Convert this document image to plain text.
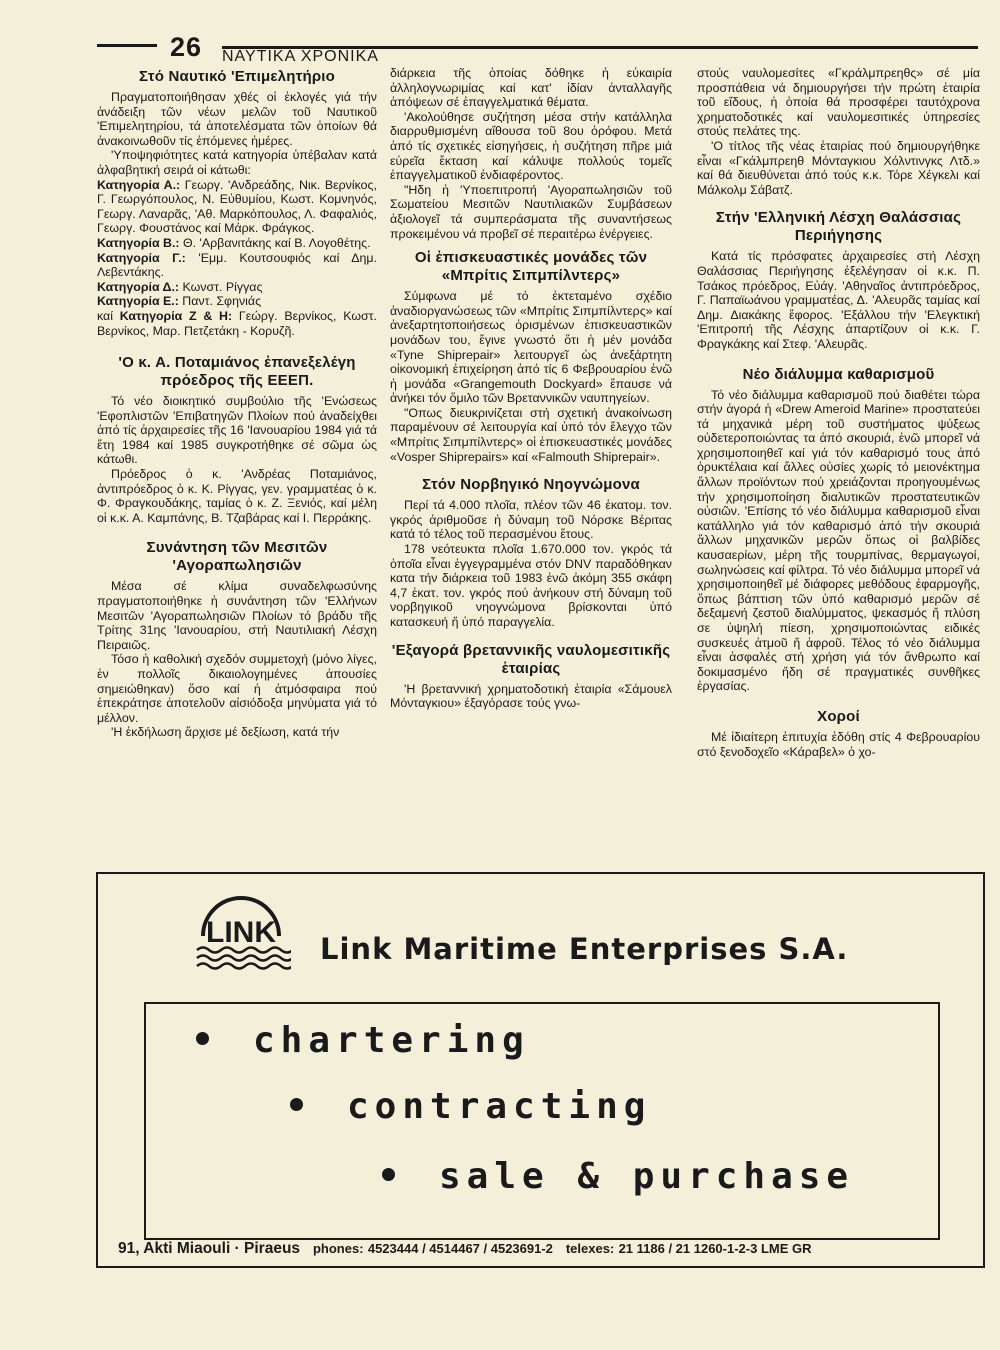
26 ΝΑΥΤΙΚΑ ΧΡΟΝΙΚΑ
Στό Ναυτικό 'Επιμελητήριο

Πραγματοποιήθησαν χθές οἱ ἐκλογές γιά τήν ἀνάδειξη τῶν νέων μελῶν τοῦ Ναυτικοῦ 'Επιμελητηρίου, τά ἀποτελέσματα τῶν ὁποίων θά ἀνακοινωθοῦν τίς ἑπόμενες ἡμέρες.

'Υποψηφιότητες κατά κατηγορία ὑπέβαλαν κατά ἀλφαβητική σειρά οἱ κάτωθι:

Κατηγορία Α.: Γεωργ. 'Ανδρεάδης, Νικ. Βερνίκος, Γ. Γεωργόπουλος, Ν. Εὐθυμίου, Κωστ. Κομνηνός, Γεωργ. Λαναρᾶς, 'Αθ. Μαρκόπουλος, Λ. Φαφαλιός, Γεωργ. Φουστάνος καί Μάρκ. Φράγκος.

Κατηγορία Β.: Θ. 'Αρβανιτάκης καί Β. Λογοθέτης.

Κατηγορία Γ.: 'Εμμ. Κουτσουφιός καί Δημ. Λεβεντάκης.

Κατηγορία Δ.: Κωνστ. Ρίγγας

Κατηγορία Ε.: Παντ. Σφηνιάς

καί Κατηγορία Ζ & Η: Γεώργ. Βερνίκος, Κωστ. Βερνίκος, Μαρ. Πετζετάκη - Κορυζῆ.

'Ο κ. Α. Ποταμιάνος ἐπανεξελέγη πρόεδρος τῆς ΕΕΕΠ.

Τό νέο διοικητικό συμβούλιο τῆς 'Ενώσεως 'Εφοπλιστῶν 'Επιβατηγῶν Πλοίων πού ἀναδείχθει ἀπό τίς ἀρχαιρεσίες τῆς 16 'Ιανουαρίου 1984 γιά τά ἔτη 1984 καί 1985 συγκροτήθηκε σέ σῶμα ὡς κάτωθι.

Πρόεδρος ὁ κ. 'Ανδρέας Ποταμιάνος, ἀντιπρόεδρος ὁ κ. Κ. Ρίγγας, γεν. γραμματέας ὁ κ. Φ. Φραγκουδάκης, ταμίας ὁ κ. Ζ. Ξενιός, καί μέλη οἱ κ.κ. Α. Καμπάνης, Β. Τζαβάρας καί Ι. Περράκης.

Συνάντηση τῶν Μεσιτῶν 'Αγοραπωλησιῶν

Μέσα σέ κλίμα συναδελφωσύνης πραγματοποιήθηκε ἡ συνάντηση τῶν 'Ελλήνων Μεσιτῶν 'Αγοραπωλησιῶν Πλοίων τό βράδυ τῆς Τρίτης 31ης 'Ιανουαρίου, στή Ναυτιλιακή Λέσχη Πειραιῶς.

Τόσο ἡ καθολική σχεδόν συμμετοχή (μόνο λίγες, ἐν πολλοῖς δικαιολογημένες ἀπουσίες σημειώθηκαν) ὅσο καί ἡ ἀτμόσφαιρα πού ἐπεκράτησε ἀποτελοῦν αἰσιόδοξα μηνύματα γιά τό μέλλον.

'Η ἐκδήλωση ἄρχισε μέ δεξίωση, κατά τήν

διάρκεια τῆς ὁποίας δόθηκε ἡ εὐκαιρία ἀλληλογνωριμίας καί κατ' ἰδίαν ἀνταλλαγῆς ἀπόψεων σέ ἐπαγγελματικά θέματα.

'Ακολούθησε συζήτηση μέσα στήν κατάλληλα διαρρυθμισμένη αἴθουσα τοῦ 8ου ὀρόφου. Μετά ἀπό τίς σχετικές εἰσηγήσεις, ἡ συζήτηση πῆρε μιά εὐρεῖα ἔκταση καί κάλυψε πολλούς τομεῖς ἐπαγγελματικοῦ ἐνδιαφέροντος.

"Ηδη ἡ 'Υποεπιτροπή 'Αγοραπωλησιῶν τοῦ Σωματείου Μεσιτῶν Ναυτιλιακῶν Συμβάσεων ἀξιολογεῖ τά συμπεράσματα τῆς συναντήσεως προκειμένου νά προβεῖ σέ περαιτέρω ἐνέργειες.

Οἱ ἐπισκευαστικές μονάδες τῶν «Μπρίτις Σιπμπίλντερς»

Σύμφωνα μέ τό ἐκτεταμένο σχέδιο ἀναδιοργανώσεως τῶν «Μπρίτις Σιπμπίλντερς» καί ἀνεξαρτητοποιήσεως ὁρισμένων ἐπισκευαστικῶν μονάδων του, ἔγινε γνωστό ὅτι ἡ μέν μονάδα «Tyne Shiprepair» λειτουργεῖ ὡς ἀνεξάρτητη οἰκονομική ἐπιχείρηση ἀπό τίς 6 Φεβρουαρίου ἐνῶ ἡ μονάδα «Grangemouth Dockyard» ἔπαυσε νά ἀνήκει τόν ὅμιλο τῶν Βρεταννικῶν ναυπηγείων.

"Οπως διευκρινίζεται στή σχετική ἀνακοίνωση παραμένουν σέ λειτουργία καί ὑπό τόν ἔλεγχο τῶν «Μπρίτις Σιπμπίλντερς» οἱ ἐπισκευαστικές μονάδες «Vosper Shiprepairs» καί «Falmouth Shiprepair».

Στόν Νορβηγικό Νηογνώμονα

Περί τά 4.000 πλοῖα, πλέον τῶν 46 ἑκατομ. τον. γκρός ἀριθμοῦσε ἡ δύναμη τοῦ Νόρσκε Βέριτας κατά τό τέλος τοῦ περασμένου ἔτους.

178 νεότευκτα πλοῖα 1.670.000 τον. γκρός τά ὁποῖα εἶναι ἐγγεγραμμένα στόν DNV παραδόθηκαν κατα τήν διάρκεια τοῦ 1983 ἐνῶ ἀκόμη 355 σκάφη 4,7 ἑκατ. τον. γκρός πού ἀνήκουν στή δύναμη τοῦ νορβηγικοῦ νηογνώμονα βρίσκονται ὑπό κατασκευή ἤ ὑπό παραγγελία.

'Εξαγορά βρεταννικῆς ναυλομεσιτικῆς ἑταιρίας

'Η βρεταννική χρηματοδοτική ἑταιρία «Σάμουελ Μόνταγκιου» ἐξαγόρασε τούς γνω-

στούς ναυλομεσίτες «Γκράλμπρεηθς» σέ μία προσπάθεια νά δημιουργήσει τήν πρώτη ἑταιρία τοῦ εἴδους, ἡ ὁποία θά προσφέρει ταυτόχρονα χρηματοδοτικές καί ναυλομεσιτικές ὑπηρεσίες στούς πελάτες της.

'Ο τίτλος τῆς νέας ἑταιρίας πού δημιουργήθηκε εἶναι «Γκάλμπρεηθ Μόνταγκιου Χόλντινγκς Λτδ.» καί θά διευθύνεται ἀπό τούς κ.κ. Τόρε Χέγκελι καί Μάλκολμ Σάβατζ.

Στήν 'Ελληνική Λέσχη Θαλάσσιας Περιήγησης

Κατά τίς πρόσφατες ἀρχαιρεσίες στή Λέσχη Θαλάσσιας Περιήγησης ἐξελέγησαν οἱ κ.κ. Π. Τσάκος πρόεδρος, Εὐάγ. 'Αθηναῖος ἀντιπρόεδρος, Γ. Παπαϊωάνου γραμματέας, Δ. 'Αλευρᾶς ταμίας καί Δημ. Διακάκης ἔφορος. 'Εξάλλου τήν 'Ελεγκτική 'Επιτροπή τῆς Λέσχης ἀπαρτίζουν οἱ κ.κ. Γ. Φραγκάκης καί Στεφ. 'Αλευρᾶς.

Νέο διάλυμμα καθαρισμοῦ

Τό νέο διάλυμμα καθαρισμοῦ πού διαθέτει τώρα στήν ἀγορά ἡ «Drew Ameroid Marine» προστατεύει τά μηχανικά μέρη τοῦ συστήματος ψύξεως οὐδετεροποιώντας τα ἀπό σκουριά, ἐνῶ μπορεῖ νά χρησιμοποιηθεῖ καί γιά τόν καθαρισμό τους ἀπό ὀρυκτέλαια καί ἄλλες οὐσίες χωρίς τό μειονέκτημα ἄλλων προϊόντων πού χρειάζονται προηγουμένως τήν χρησιμοποίηση διαλυτικῶν προστατευτικῶν οὐσιῶν. 'Επίσης τό νέο διάλυμμα καθαρισμοῦ εἶναι κατάλληλο γιά τόν καθαρισμό ἀπό τήν σκουριά ἄλλων μηχανικῶν μερῶν ὅπως οἱ βαλβίδες καυσαερίων, μέρη τῆς τουρμπίνας, θερμαγωγοί, σωληνώσεις καί φίλτρα. Τό νέο διάλυμμα μπορεῖ νά χρησιμοποιηθεῖ μέ διάφορες μεθόδους ἐφαρμογῆς, ὅπως βάπτιση τῶν ὑπό καθαρισμό μερῶν σέ δεξαμενή ζεστοῦ διαλύμματος, ψεκασμός ἤ πλύση σε ὑψηλή πίεση, χρησιμοποιώντας ειδικές συσκευές ἀτμοῦ ἤ ἀφροῦ. Τέλος τό νέο διάλυμμα εἶναι ἀσφαλές στή χρήση γιά τόν ἄνθρωπο καί δοκιμασμένο ἤδη σέ πραγματικές συνθῆκες ἐργασίας.

Χοροί

Μέ ἰδιαίτερη ἐπιτυχία ἐδόθη στίς 4 Φεβρουαρίου στό ξενοδοχεῖο «Κάραβελ» ὁ χο-

LINK Link Maritime Enterprises S.A.
chartering
contracting
sale & purchase
91, Akti Miaouli · Piraeus phones: 4523444 / 4514467 / 4523691-2 telexes: 21 1186 / 21 1260-1-2-3 LME GR
